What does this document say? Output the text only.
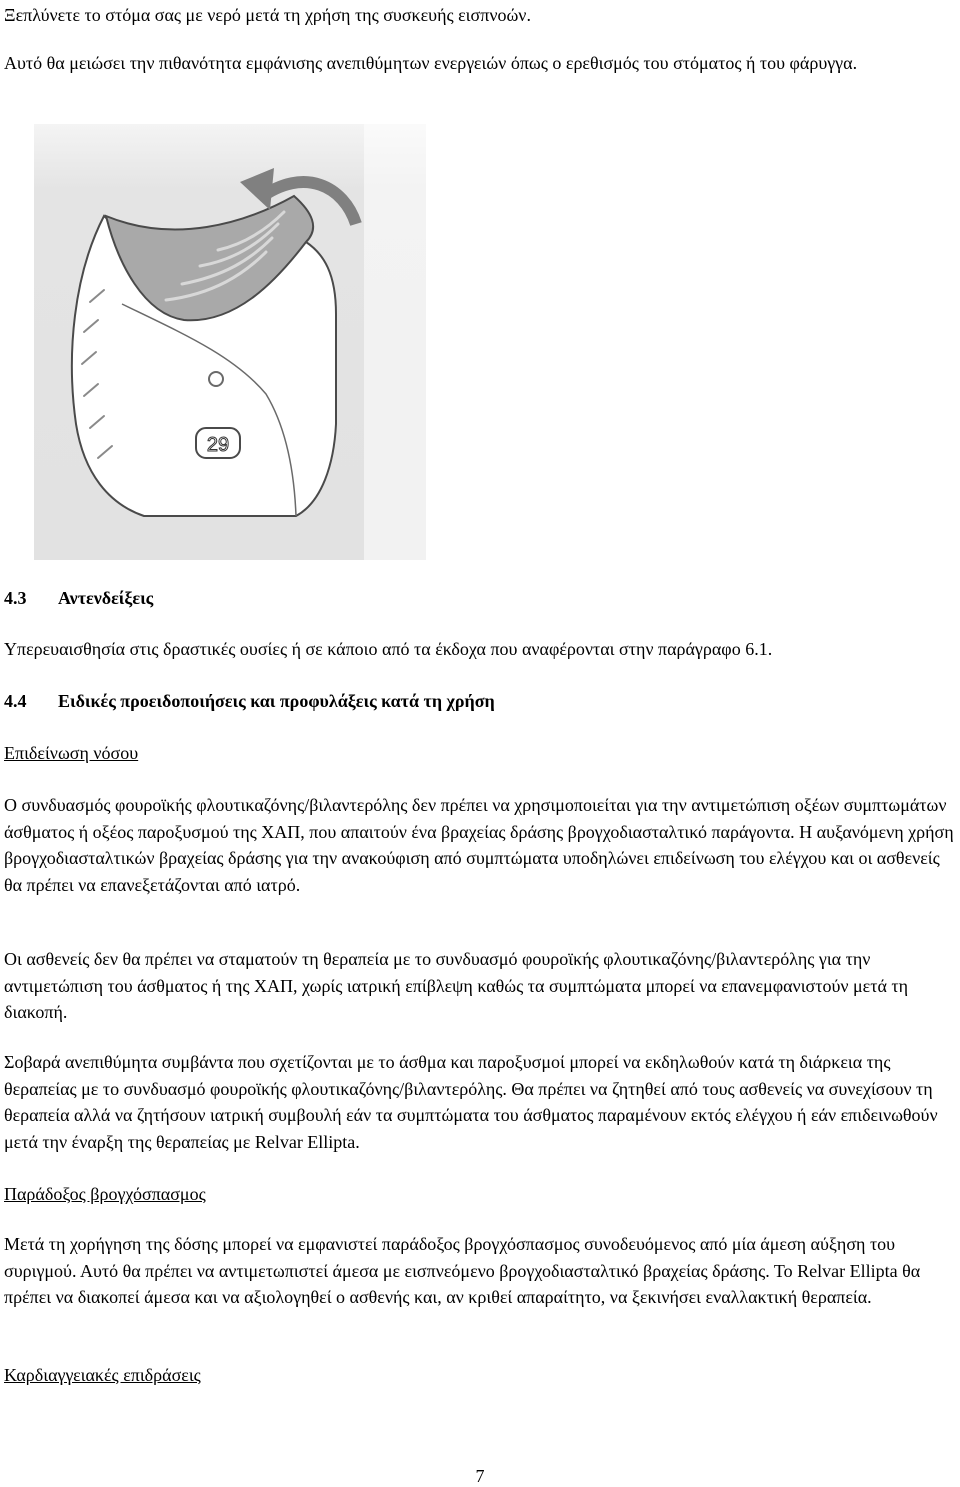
Ξεπλύνετε το στόμα σας με νερό μετά τη χρήση της συσκευής εισπνοών.

Αυτό θα μειώσει την πιθανότητα εμφάνισης ανεπιθύμητων ενεργειών όπως ο ερεθισμός του στόματος ή του φάρυγγα.

29

4.3 Αντενδείξεις

Υπερευαισθησία στις δραστικές ουσίες ή σε κάποιο από τα έκδοχα που αναφέρονται στην παράγραφο 6.1.

4.4 Ειδικές προειδοποιήσεις και προφυλάξεις κατά τη χρήση

Επιδείνωση νόσου

Ο συνδυασμός φουροϊκής φλουτικαζόνης/βιλαντερόλης δεν πρέπει να χρησιμοποιείται για την αντιμετώπιση οξέων συμπτωμάτων άσθματος ή οξέος παροξυσμού της ΧΑΠ, που απαιτούν ένα βραχείας δράσης βρογχοδιασταλτικό παράγοντα. Η αυξανόμενη χρήση βρογχοδιασταλτικών βραχείας δράσης για την ανακούφιση από συμπτώματα υποδηλώνει επιδείνωση του ελέγχου και οι ασθενείς θα πρέπει να επανεξετάζονται από ιατρό.

Οι ασθενείς δεν θα πρέπει να σταματούν τη θεραπεία με το συνδυασμό φουροϊκής φλουτικαζόνης/βιλαντερόλης για την αντιμετώπιση του άσθματος ή της ΧΑΠ, χωρίς ιατρική επίβλεψη καθώς τα συμπτώματα μπορεί να επανεμφανιστούν μετά τη διακοπή.

Σοβαρά ανεπιθύμητα συμβάντα που σχετίζονται με το άσθμα και παροξυσμοί μπορεί να εκδηλωθούν κατά τη διάρκεια της θεραπείας με το συνδυασμό φουροϊκής φλουτικαζόνης/βιλαντερόλης. Θα πρέπει να ζητηθεί από τους ασθενείς να συνεχίσουν τη θεραπεία αλλά να ζητήσουν ιατρική συμβουλή εάν τα συμπτώματα του άσθματος παραμένουν εκτός ελέγχου ή εάν επιδεινωθούν μετά την έναρξη της θεραπείας με Relvar Ellipta.

Παράδοξος βρογχόσπασμος

Μετά τη χορήγηση της δόσης μπορεί να εμφανιστεί παράδοξος βρογχόσπασμος συνοδευόμενος από μία άμεση αύξηση του συριγμού. Αυτό θα πρέπει να αντιμετωπιστεί άμεσα με εισπνεόμενο βρογχοδιασταλτικό βραχείας δράσης. Το Relvar Ellipta θα πρέπει να διακοπεί άμεσα και να αξιολογηθεί ο ασθενής και, αν κριθεί απαραίτητο, να ξεκινήσει εναλλακτική θεραπεία.

Καρδιαγγειακές επιδράσεις

7
